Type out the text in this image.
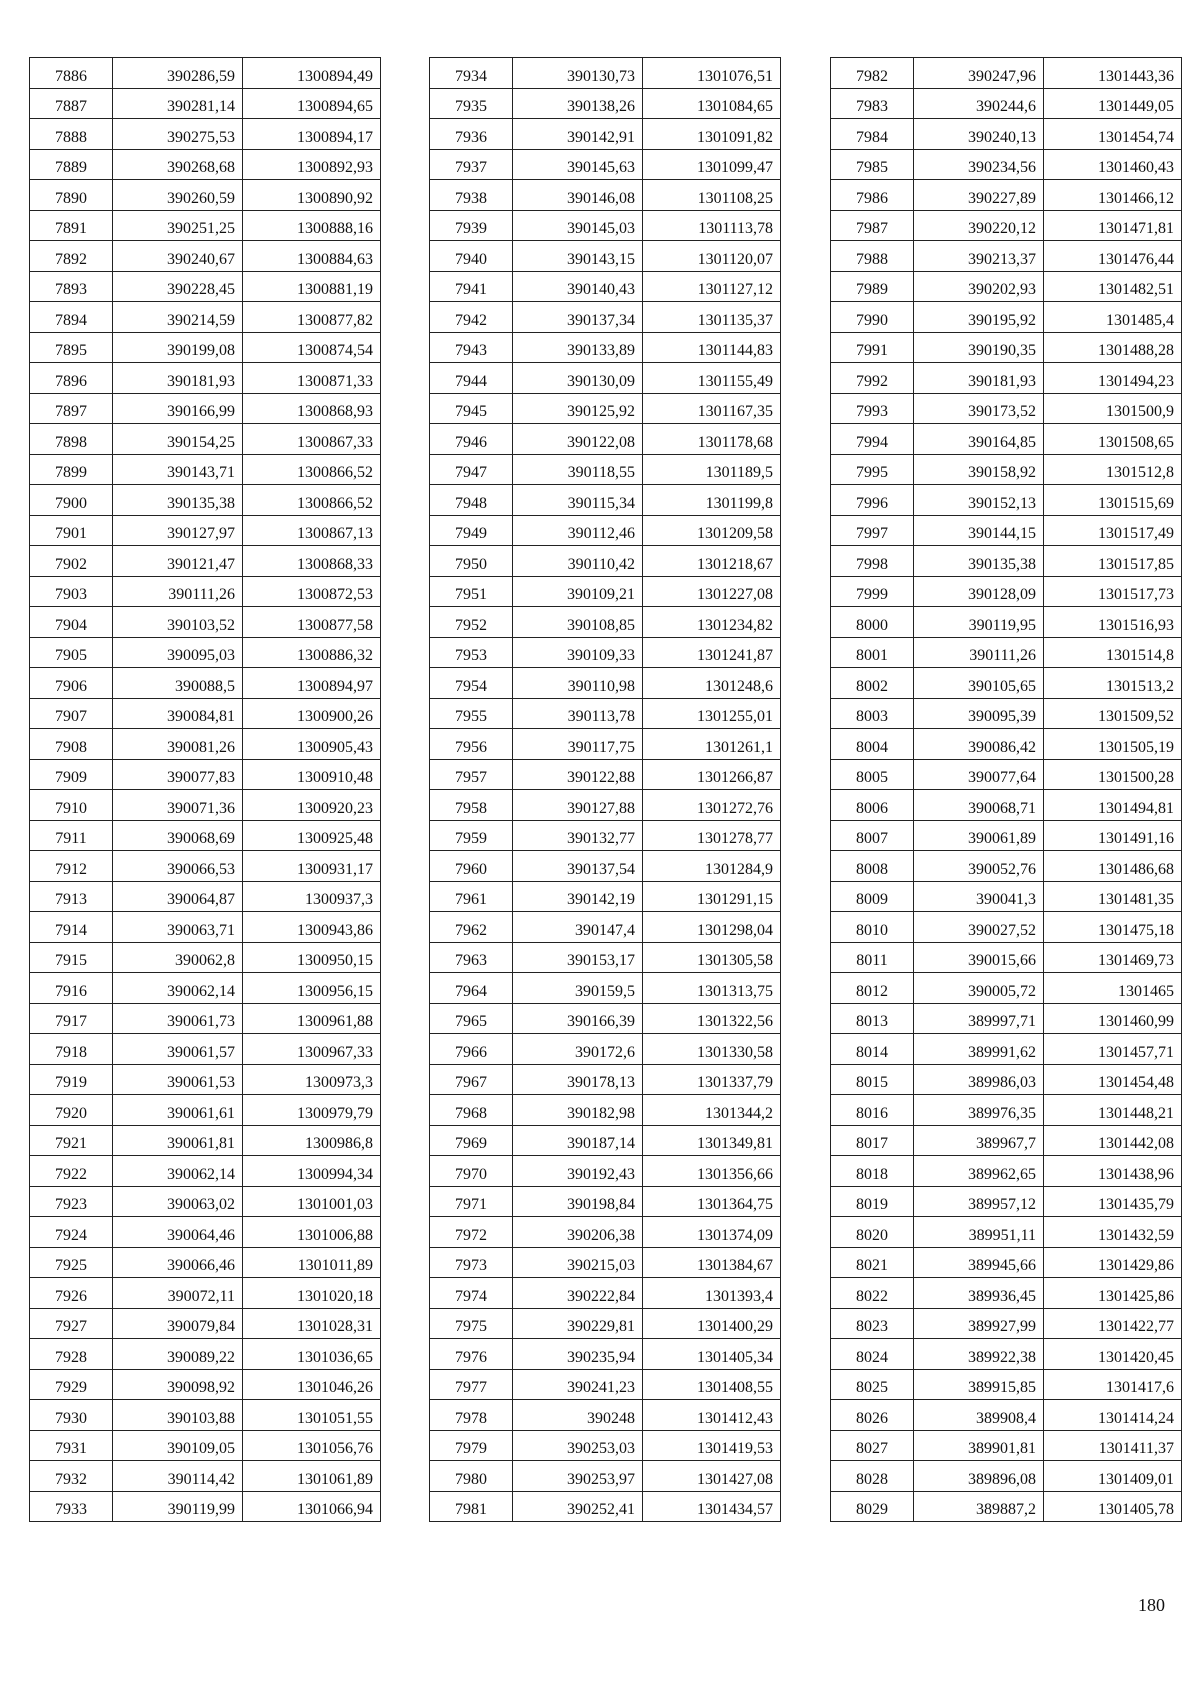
7886	390286,59	1300894,49
7887	390281,14	1300894,65
7888	390275,53	1300894,17
7889	390268,68	1300892,93
7890	390260,59	1300890,92
7891	390251,25	1300888,16
7892	390240,67	1300884,63
7893	390228,45	1300881,19
7894	390214,59	1300877,82
7895	390199,08	1300874,54
7896	390181,93	1300871,33
7897	390166,99	1300868,93
7898	390154,25	1300867,33
7899	390143,71	1300866,52
7900	390135,38	1300866,52
7901	390127,97	1300867,13
7902	390121,47	1300868,33
7903	390111,26	1300872,53
7904	390103,52	1300877,58
7905	390095,03	1300886,32
7906	390088,5	1300894,97
7907	390084,81	1300900,26
7908	390081,26	1300905,43
7909	390077,83	1300910,48
7910	390071,36	1300920,23
7911	390068,69	1300925,48
7912	390066,53	1300931,17
7913	390064,87	1300937,3
7914	390063,71	1300943,86
7915	390062,8	1300950,15
7916	390062,14	1300956,15
7917	390061,73	1300961,88
7918	390061,57	1300967,33
7919	390061,53	1300973,3
7920	390061,61	1300979,79
7921	390061,81	1300986,8
7922	390062,14	1300994,34
7923	390063,02	1301001,03
7924	390064,46	1301006,88
7925	390066,46	1301011,89
7926	390072,11	1301020,18
7927	390079,84	1301028,31
7928	390089,22	1301036,65
7929	390098,92	1301046,26
7930	390103,88	1301051,55
7931	390109,05	1301056,76
7932	390114,42	1301061,89
7933	390119,99	1301066,94
7934	390130,73	1301076,51
7935	390138,26	1301084,65
7936	390142,91	1301091,82
7937	390145,63	1301099,47
7938	390146,08	1301108,25
7939	390145,03	1301113,78
7940	390143,15	1301120,07
7941	390140,43	1301127,12
7942	390137,34	1301135,37
7943	390133,89	1301144,83
7944	390130,09	1301155,49
7945	390125,92	1301167,35
7946	390122,08	1301178,68
7947	390118,55	1301189,5
7948	390115,34	1301199,8
7949	390112,46	1301209,58
7950	390110,42	1301218,67
7951	390109,21	1301227,08
7952	390108,85	1301234,82
7953	390109,33	1301241,87
7954	390110,98	1301248,6
7955	390113,78	1301255,01
7956	390117,75	1301261,1
7957	390122,88	1301266,87
7958	390127,88	1301272,76
7959	390132,77	1301278,77
7960	390137,54	1301284,9
7961	390142,19	1301291,15
7962	390147,4	1301298,04
7963	390153,17	1301305,58
7964	390159,5	1301313,75
7965	390166,39	1301322,56
7966	390172,6	1301330,58
7967	390178,13	1301337,79
7968	390182,98	1301344,2
7969	390187,14	1301349,81
7970	390192,43	1301356,66
7971	390198,84	1301364,75
7972	390206,38	1301374,09
7973	390215,03	1301384,67
7974	390222,84	1301393,4
7975	390229,81	1301400,29
7976	390235,94	1301405,34
7977	390241,23	1301408,55
7978	390248	1301412,43
7979	390253,03	1301419,53
7980	390253,97	1301427,08
7981	390252,41	1301434,57
7982	390247,96	1301443,36
7983	390244,6	1301449,05
7984	390240,13	1301454,74
7985	390234,56	1301460,43
7986	390227,89	1301466,12
7987	390220,12	1301471,81
7988	390213,37	1301476,44
7989	390202,93	1301482,51
7990	390195,92	1301485,4
7991	390190,35	1301488,28
7992	390181,93	1301494,23
7993	390173,52	1301500,9
7994	390164,85	1301508,65
7995	390158,92	1301512,8
7996	390152,13	1301515,69
7997	390144,15	1301517,49
7998	390135,38	1301517,85
7999	390128,09	1301517,73
8000	390119,95	1301516,93
8001	390111,26	1301514,8
8002	390105,65	1301513,2
8003	390095,39	1301509,52
8004	390086,42	1301505,19
8005	390077,64	1301500,28
8006	390068,71	1301494,81
8007	390061,89	1301491,16
8008	390052,76	1301486,68
8009	390041,3	1301481,35
8010	390027,52	1301475,18
8011	390015,66	1301469,73
8012	390005,72	1301465
8013	389997,71	1301460,99
8014	389991,62	1301457,71
8015	389986,03	1301454,48
8016	389976,35	1301448,21
8017	389967,7	1301442,08
8018	389962,65	1301438,96
8019	389957,12	1301435,79
8020	389951,11	1301432,59
8021	389945,66	1301429,86
8022	389936,45	1301425,86
8023	389927,99	1301422,77
8024	389922,38	1301420,45
8025	389915,85	1301417,6
8026	389908,4	1301414,24
8027	389901,81	1301411,37
8028	389896,08	1301409,01
8029	389887,2	1301405,78
180
